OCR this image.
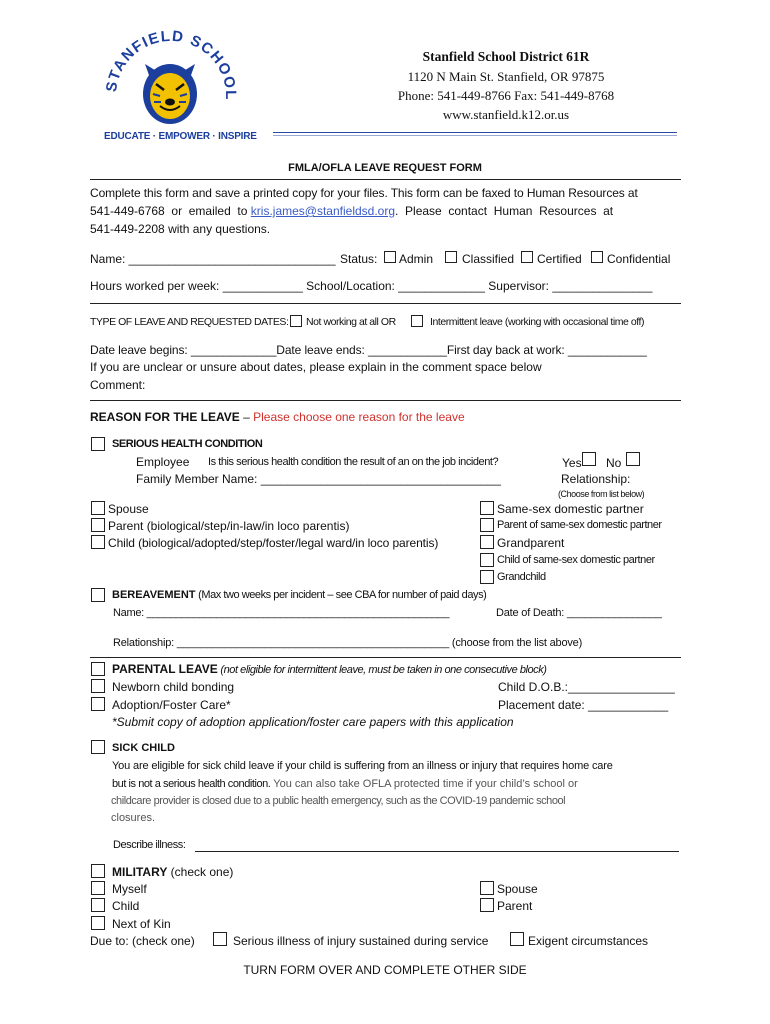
STANFIELD SCHOOL
EDUCATE · EMPOWER · INSPIRE
Stanfield School District 61R
1120 N Main St. Stanfield, OR 97875
Phone: 541-449-8766 Fax: 541-449-8768
www.stanfield.k12.or.us
FMLA/OFLA LEAVE REQUEST FORM
Complete this form and save a printed copy for your files. This form can be faxed to Human Resources at
541-449-6768  or  emailed  to kris.james@stanfieldsd.org.  Please  contact  Human  Resources  at
541-449-2208 with any questions.
Name: _______________________________ Status: Admin Classified Certified Confidential
Hours worked per week: ____________ School/Location: _____________ Supervisor: _______________
TYPE OF LEAVE AND REQUESTED DATES: Not working at all OR	Intermittent leave (working with occasional time off)
Date leave begins: _____________Date leave ends: ____________First day back at work: ____________
If you are unclear or unsure about dates, please explain in the comment space below
Comment:
REASON FOR THE LEAVE – Please choose one reason for the leave
SERIOUS HEALTH CONDITION
Employee Is this serious health condition the result of an on the job incident?	Yes No
Family Member Name: ____________________________________	Relationship:
(Choose from list below)
Spouse
Parent (biological/step/in-law/in loco parentis)
Child (biological/adopted/step/foster/legal ward/in loco parentis)
Same-sex domestic partner
Parent of same-sex domestic partner
Grandparent
Child of same-sex domestic partner
Grandchild
BEREAVEMENT (Max two weeks per incident – see CBA for number of paid days)
Name: ____________________________________________________	Date of Death: ________________
Relationship: ______________________________________________ (choose from the list above)
PARENTAL LEAVE (not eligible for intermittent leave, must be taken in one consecutive block)
Newborn child bonding	Child D.O.B.:________________
Adoption/Foster Care*	Placement date: ____________
*Submit copy of adoption application/foster care papers with this application
SICK CHILD
You are eligible for sick child leave if your child is suffering from an illness or injury that requires home care
but is not a serious health condition. You can also take OFLA protected time if your child’s school or
childcare provider is closed due to a public health emergency, such as the COVID-19 pandemic school
closures.
Describe illness:
MILITARY (check one)
Myself
Child
Next of Kin
Spouse
Parent
Due to: (check one)	Serious illness of injury sustained during service	Exigent circumstances
TURN FORM OVER AND COMPLETE OTHER SIDE
